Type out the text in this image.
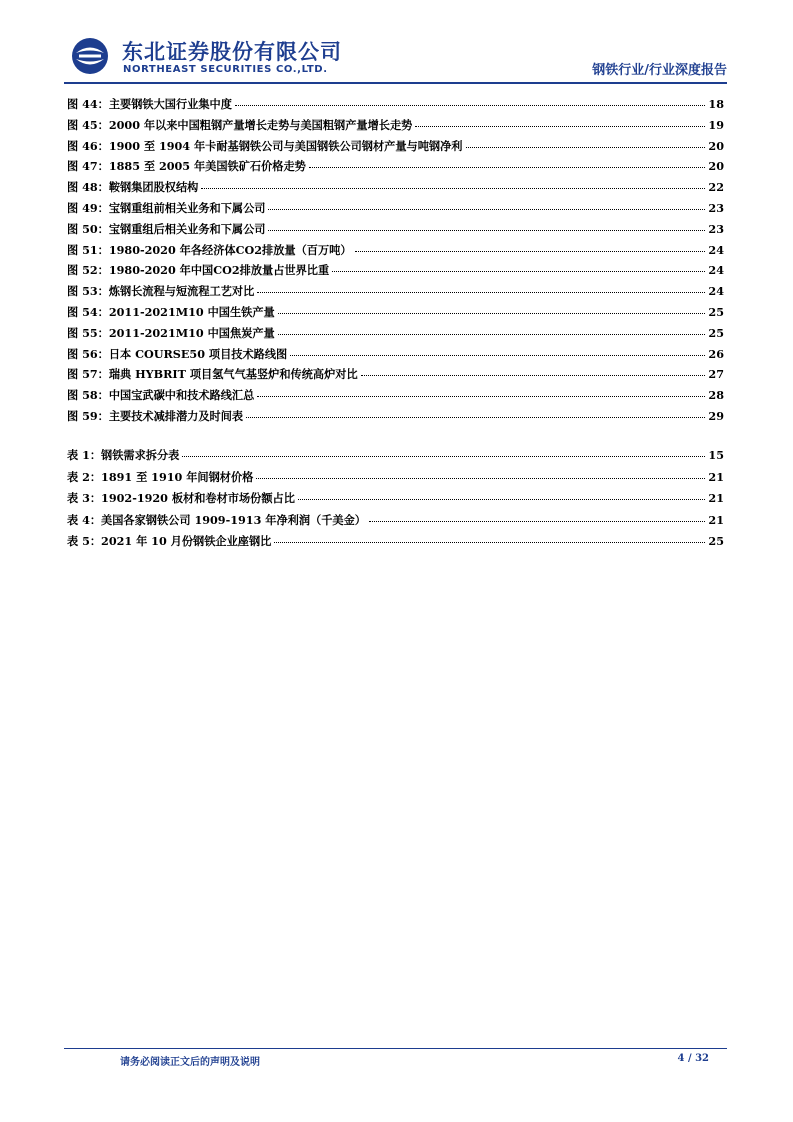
东北证券股份有限公司
NORTHEAST SECURITIES CO.,LTD.	钢铁行业/行业深度报告
图 44：主要钢铁大国行业集中度	18
图 45：2000 年以来中国粗钢产量增长走势与美国粗钢产量增长走势	19
图 46：1900 至 1904 年卡耐基钢铁公司与美国钢铁公司钢材产量与吨钢净利	20
图 47：1885 至 2005 年美国铁矿石价格走势	20
图 48：鞍钢集团股权结构	22
图 49：宝钢重组前相关业务和下属公司	23
图 50：宝钢重组后相关业务和下属公司	23
图 51：1980-2020 年各经济体CO2排放量（百万吨）	24
图 52：1980-2020 年中国CO2排放量占世界比重	24
图 53：炼钢长流程与短流程工艺对比	24
图 54：2011-2021M10 中国生铁产量	25
图 55：2011-2021M10 中国焦炭产量	25
图 56：日本 COURSE50 项目技术路线图	26
图 57：瑞典 HYBRIT 项目氢气气基竖炉和传统高炉对比	27
图 58：中国宝武碳中和技术路线汇总	28
图 59：主要技术减排潜力及时间表	29
表 1：钢铁需求拆分表	15
表 2：1891 至 1910 年间钢材价格	21
表 3：1902-1920 板材和卷材市场份额占比	21
表 4：美国各家钢铁公司 1909-1913 年净利润（千美金）	21
表 5：2021 年 10 月份钢铁企业座钢比	25
请务必阅读正文后的声明及说明	4 / 32
